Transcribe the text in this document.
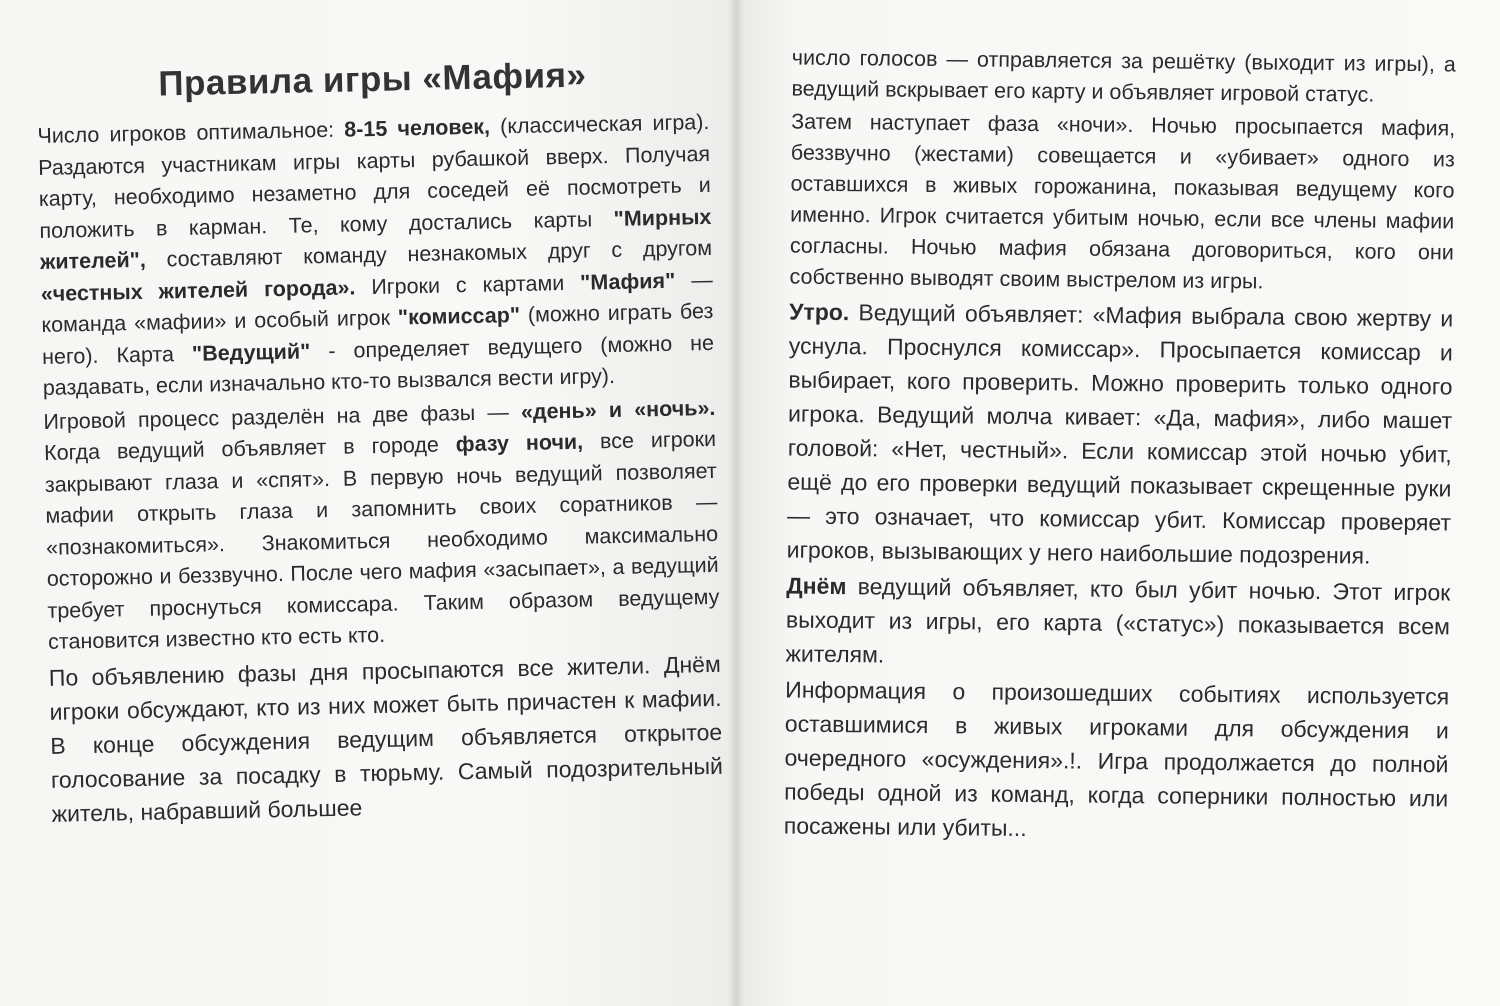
Правила игры «Мафия»

Число игроков оптимальное: 8-15 человек, (классическая игра). Раздаются участникам игры карты рубашкой вверх. Получая карту, необходимо незаметно для соседей её посмотреть и положить в карман. Те, кому достались карты "Мирных жителей", составляют команду незнакомых друг с другом «честных жителей города». Игроки с картами "Мафия" — команда «мафии» и особый игрок "комиссар" (можно играть без него). Карта "Ведущий" - определяет ведущего (можно не раздавать, если изначально кто-то вызвался вести игру).

Игровой процесс разделён на две фазы — «день» и «ночь». Когда ведущий объявляет в городе фазу ночи, все игроки закрывают глаза и «спят». В первую ночь ведущий позволяет мафии открыть глаза и запомнить своих соратников — «познакомиться». Знакомиться необходимо максимально осторожно и беззвучно. После чего мафия «засыпает», а ведущий требует проснуться комиссара. Таким образом ведущему становится известно кто есть кто.

По объявлению фазы дня просыпаются все жители. Днём игроки обсуждают, кто из них может быть причастен к мафии. В конце обсуждения ведущим объявляется открытое голосование за посадку в тюрьму. Самый подозрительный житель, набравший большее

число голосов — отправляется за решётку (выходит из игры), а ведущий вскрывает его карту и объявляет игровой статус.

Затем наступает фаза «ночи». Ночью просыпается мафия, беззвучно (жестами) совещается и «убивает» одного из оставшихся в живых горожанина, показывая ведущему кого именно. Игрок считается убитым ночью, если все члены мафии согласны. Ночью мафия обязана договориться, кого они собственно выводят своим выстрелом из игры.

Утро. Ведущий объявляет: «Мафия выбрала свою жертву и уснула. Проснулся комиссар». Просыпается комиссар и выбирает, кого проверить. Можно проверить только одного игрока. Ведущий молча кивает: «Да, мафия», либо машет головой: «Нет, честный». Если комиссар этой ночью убит, ещё до его проверки ведущий показывает скрещенные руки — это означает, что комиссар убит. Комиссар проверяет игроков, вызывающих у него наибольшие подозрения.

Днём ведущий объявляет, кто был убит ночью. Этот игрок выходит из игры, его карта («статус») показывается всем жителям.

Информация о произошедших событиях используется оставшимися в живых игроками для обсуждения и очередного «осуждения».!. Игра продолжается до полной победы одной из команд, когда соперники полностью или посажены или убиты...
